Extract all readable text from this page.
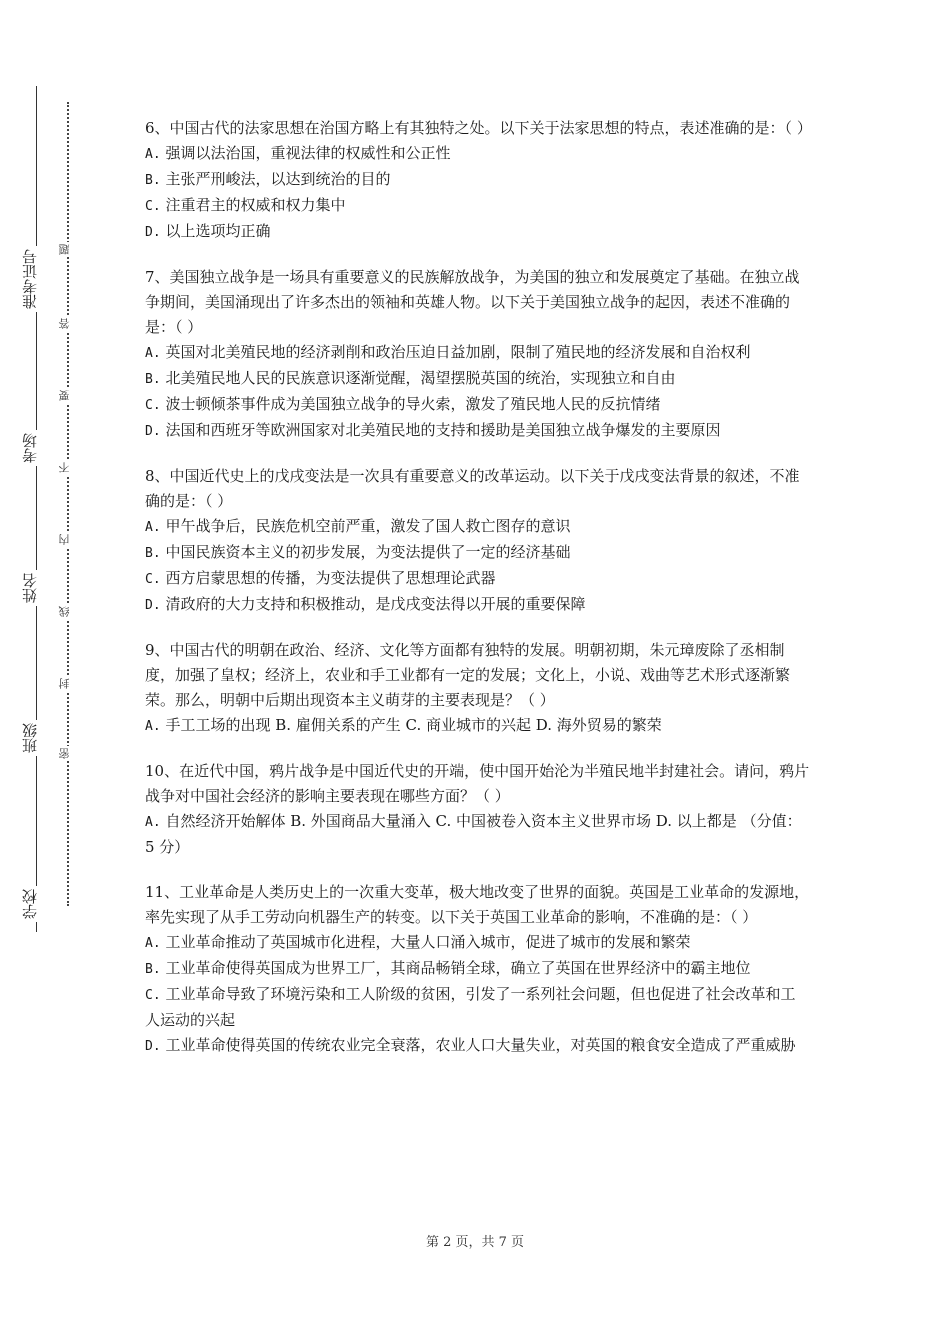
准考证号
考场
姓名
班级
学校
题
答
要
不
内
线
封
密

6、中国古代的法家思想在治国方略上有其独特之处。以下关于法家思想的特点，表述准确的是：（ ）

A. 强调以法治国，重视法律的权威性和公正性

B. 主张严刑峻法，以达到统治的目的

C. 注重君主的权威和权力集中

D. 以上选项均正确

7、美国独立战争是一场具有重要意义的民族解放战争，为美国的独立和发展奠定了基础。在独立战争期间，美国涌现出了许多杰出的领袖和英雄人物。以下关于美国独立战争的起因，表述不准确的是：（ ）

A. 英国对北美殖民地的经济剥削和政治压迫日益加剧，限制了殖民地的经济发展和自治权利

B. 北美殖民地人民的民族意识逐渐觉醒，渴望摆脱英国的统治，实现独立和自由

C. 波士顿倾茶事件成为美国独立战争的导火索，激发了殖民地人民的反抗情绪

D. 法国和西班牙等欧洲国家对北美殖民地的支持和援助是美国独立战争爆发的主要原因

8、中国近代史上的戊戌变法是一次具有重要意义的改革运动。以下关于戊戌变法背景的叙述，不准确的是：（ ）

A. 甲午战争后，民族危机空前严重，激发了国人救亡图存的意识

B. 中国民族资本主义的初步发展，为变法提供了一定的经济基础

C. 西方启蒙思想的传播，为变法提供了思想理论武器

D. 清政府的大力支持和积极推动，是戊戌变法得以开展的重要保障

9、中国古代的明朝在政治、经济、文化等方面都有独特的发展。明朝初期，朱元璋废除了丞相制度，加强了皇权；经济上，农业和手工业都有一定的发展；文化上，小说、戏曲等艺术形式逐渐繁荣。那么，明朝中后期出现资本主义萌芽的主要表现是？（ ）

A. 手工工场的出现 B. 雇佣关系的产生 C. 商业城市的兴起 D. 海外贸易的繁荣

10、在近代中国，鸦片战争是中国近代史的开端，使中国开始沦为半殖民地半封建社会。请问，鸦片战争对中国社会经济的影响主要表现在哪些方面？（ ）

A. 自然经济开始解体 B. 外国商品大量涌入 C. 中国被卷入资本主义世界市场 D. 以上都是 （分值：5 分）

11、工业革命是人类历史上的一次重大变革，极大地改变了世界的面貌。英国是工业革命的发源地，率先实现了从手工劳动向机器生产的转变。以下关于英国工业革命的影响，不准确的是：（ ）

A. 工业革命推动了英国城市化进程，大量人口涌入城市，促进了城市的发展和繁荣

B. 工业革命使得英国成为世界工厂，其商品畅销全球，确立了英国在世界经济中的霸主地位

C. 工业革命导致了环境污染和工人阶级的贫困，引发了一系列社会问题，但也促进了社会改革和工人运动的兴起

D. 工业革命使得英国的传统农业完全衰落，农业人口大量失业，对英国的粮食安全造成了严重威胁

第 2 页，共 7 页
